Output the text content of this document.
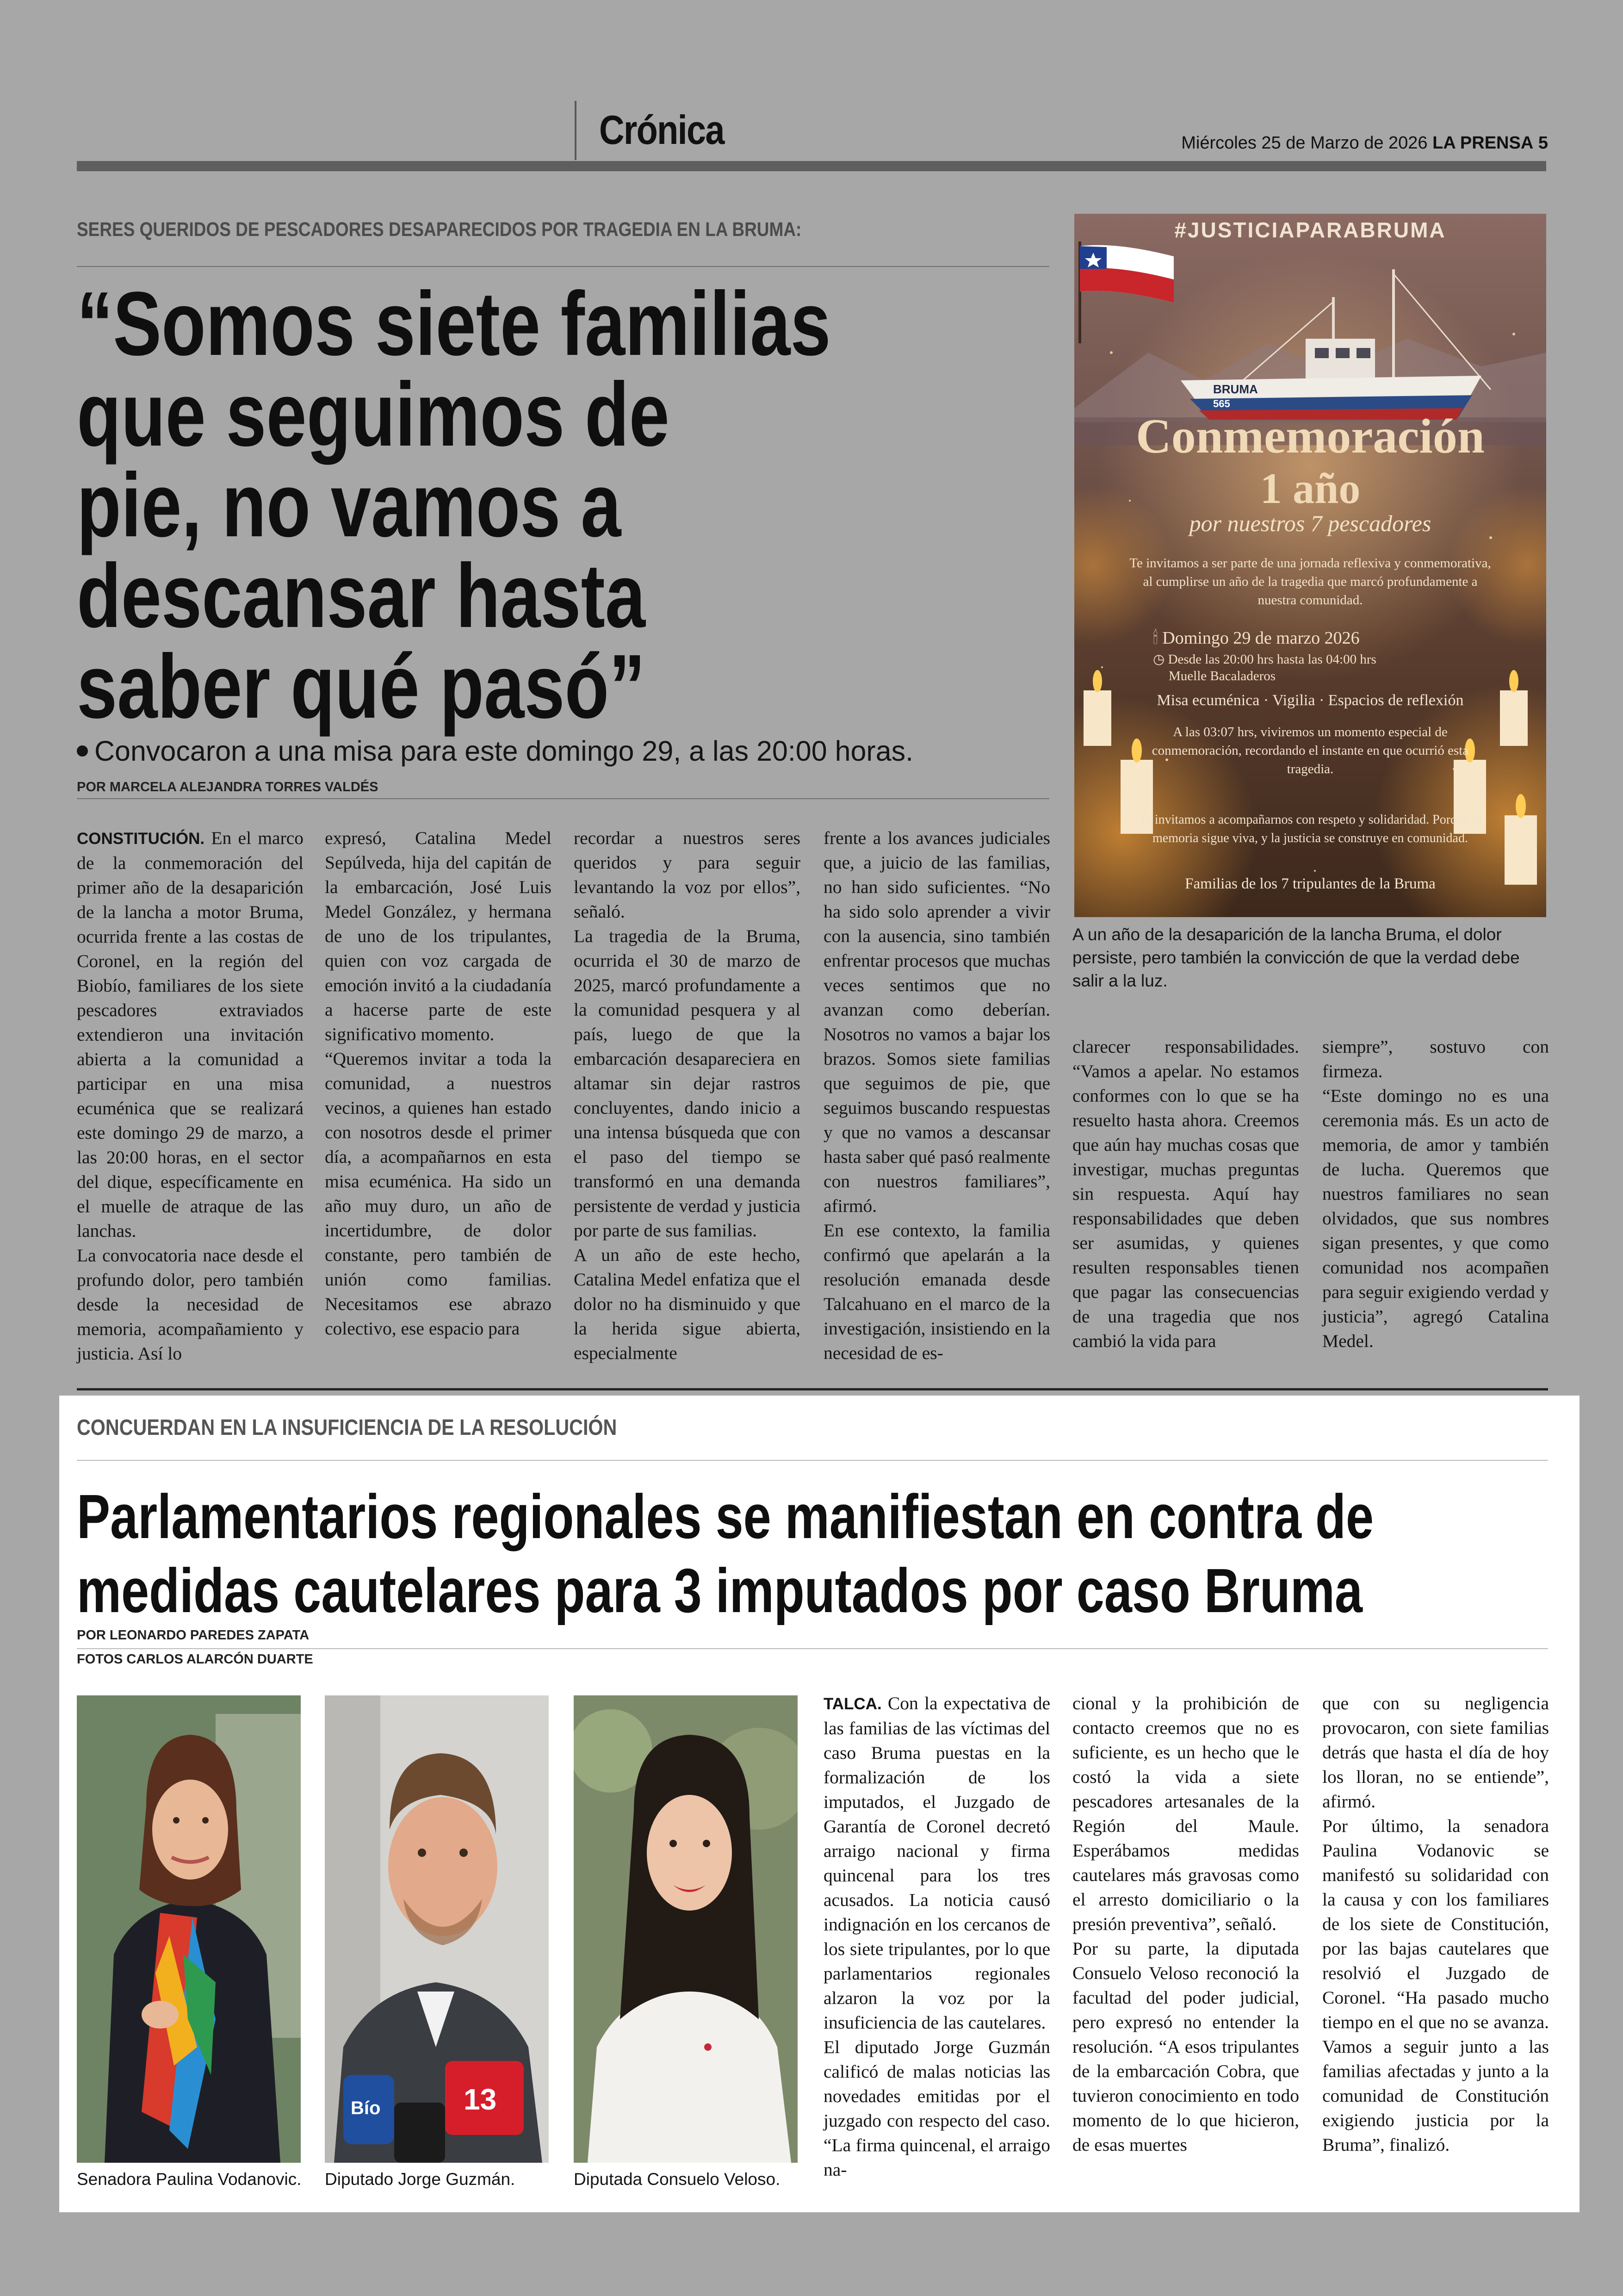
Crónica	Miércoles 25 de Marzo de 2026 LA PRENSA 5
SERES QUERIDOS DE PESCADORES DESAPARECIDOS POR TRAGEDIA EN LA BRUMA:
“Somos siete familias
que seguimos de
pie, no vamos a
descansar hasta
saber qué pasó”
Convocaron a una misa para este domingo 29, a las 20:00 horas.
POR MARCELA ALEJANDRA TORRES VALDÉS

CONSTITUCIÓN. En el marco de la conmemoración del primer año de la desaparición de la lancha a motor Bruma, ocurrida frente a las costas de Coronel, en la región del Biobío, familiares de los siete pescadores extraviados extendieron una invitación abierta a la comunidad a participar en una misa ecuménica que se realizará este domingo 29 de marzo, a las 20:00 horas, en el sector del dique, específicamente en el muelle de atraque de las lanchas.

La convocatoria nace desde el profundo dolor, pero también desde la necesidad de memoria, acompañamiento y justicia. Así lo

expresó, Catalina Medel Sepúlveda, hija del capitán de la embarcación, José Luis Medel González, y hermana de uno de los tripulantes, quien con voz cargada de emoción invitó a la ciudadanía a hacerse parte de este significativo momento.

“Queremos invitar a toda la comunidad, a nuestros vecinos, a quienes han estado con nosotros desde el primer día, a acompañarnos en esta misa ecuménica. Ha sido un año muy duro, un año de incertidumbre, de dolor constante, pero también de unión como familias. Necesitamos ese abrazo colectivo, ese espacio para

recordar a nuestros seres queridos y para seguir levantando la voz por ellos”, señaló.

La tragedia de la Bruma, ocurrida el 30 de marzo de 2025, marcó profundamente a la comunidad pesquera y al país, luego de que la embarcación desapareciera en altamar sin dejar rastros concluyentes, dando inicio a una intensa búsqueda que con el paso del tiempo se transformó en una demanda persistente de verdad y justicia por parte de sus familias.

A un año de este hecho, Catalina Medel enfatiza que el dolor no ha disminuido y que la herida sigue abierta, especialmente

frente a los avances judiciales que, a juicio de las familias, no han sido suficientes. “No ha sido solo aprender a vivir con la ausencia, sino también enfrentar procesos que muchas veces sentimos que no avanzan como deberían. Nosotros no vamos a bajar los brazos. Somos siete familias que seguimos de pie, que seguimos buscando respuestas y que no vamos a descansar hasta saber qué pasó realmente con nuestros familiares”, afirmó.

En ese contexto, la familia confirmó que apelarán a la resolución emanada desde Talcahuano en el marco de la investigación, insistiendo en la necesidad de es-

clarecer responsabilidades. “Vamos a apelar. No estamos conformes con lo que se ha resuelto hasta ahora. Creemos que aún hay muchas cosas que investigar, muchas preguntas sin respuesta. Aquí hay responsabilidades que deben ser asumidas, y quienes resulten responsables tienen que pagar las consecuencias de una tragedia que nos cambió la vida para

siempre”, sostuvo con firmeza.

“Este domingo no es una ceremonia más. Es un acto de memoria, de amor y también de lucha. Queremos que nuestros familiares no sean olvidados, que sus nombres sigan presentes, y que como comunidad nos acompañen para seguir exigiendo verdad y justicia”, agregó Catalina Medel.

BRUMA
565
#JUSTICIAPARABRUMA
Conmemoración
1 año
por nuestros 7 pescadores
Te invitamos a ser parte de una jornada reflexiva y conmemorativa, al cumplirse un año de la tragedia que marcó profundamente a nuestra comunidad.
🕯 Domingo 29 de marzo 2026
◷ Desde las 20:00 hrs hasta las 04:00 hrs
Muelle Bacaladeros
Misa ecuménica · Vigilia · Espacios de reflexión
A las 03:07 hrs, viviremos un momento especial de conmemoración, recordando el instante en que ocurrió esta tragedia.
Te invitamos a acompañarnos con respeto y solidaridad. Porque la memoria sigue viva, y la justicia se construye en comunidad.
Familias de los 7 tripulantes de la Bruma
A un año de la desaparición de la lancha Bruma, el dolor persiste, pero también la convicción de que la verdad debe salir a la luz.
CONCUERDAN EN LA INSUFICIENCIA DE LA RESOLUCIÓN
Parlamentarios regionales se manifiestan en contra de
medidas cautelares para 3 imputados por caso Bruma
POR LEONARDO PAREDES ZAPATA
FOTOS CARLOS ALARCÓN DUARTE
Senadora Paulina Vodanovic.
Bío	13
Diputado Jorge Guzmán.	Diputada Consuelo Veloso.

TALCA. Con la expectativa de las familias de las víctimas del caso Bruma puestas en la formalización de los imputados, el Juzgado de Garantía de Coronel decretó arraigo nacional y firma quincenal para los tres acusados. La noticia causó indignación en los cercanos de los siete tripulantes, por lo que parlamentarios regionales alzaron la voz por la insuficiencia de las cautelares.

El diputado Jorge Guzmán calificó de malas noticias las novedades emitidas por el juzgado con respecto del caso. “La firma quincenal, el arraigo na-

cional y la prohibición de contacto creemos que no es suficiente, es un hecho que le costó la vida a siete pescadores artesanales de la Región del Maule. Esperábamos medidas cautelares más gravosas como el arresto domiciliario o la presión preventiva”, señaló.

Por su parte, la diputada Consuelo Veloso reconoció la facultad del poder judicial, pero expresó no entender la resolución. “A esos tripulantes de la embarcación Cobra, que tuvieron conocimiento en todo momento de lo que hicieron, de esas muertes

que con su negligencia provocaron, con siete familias detrás que hasta el día de hoy los lloran, no se entiende”, afirmó.

Por último, la senadora Paulina Vodanovic se manifestó su solidaridad con la causa y con los familiares de los siete de Constitución, por las bajas cautelares que resolvió el Juzgado de Coronel. “Ha pasado mucho tiempo en el que no se avanza. Vamos a seguir junto a las familias afectadas y junto a la comunidad de Constitución exigiendo justicia por la Bruma”, finalizó.
